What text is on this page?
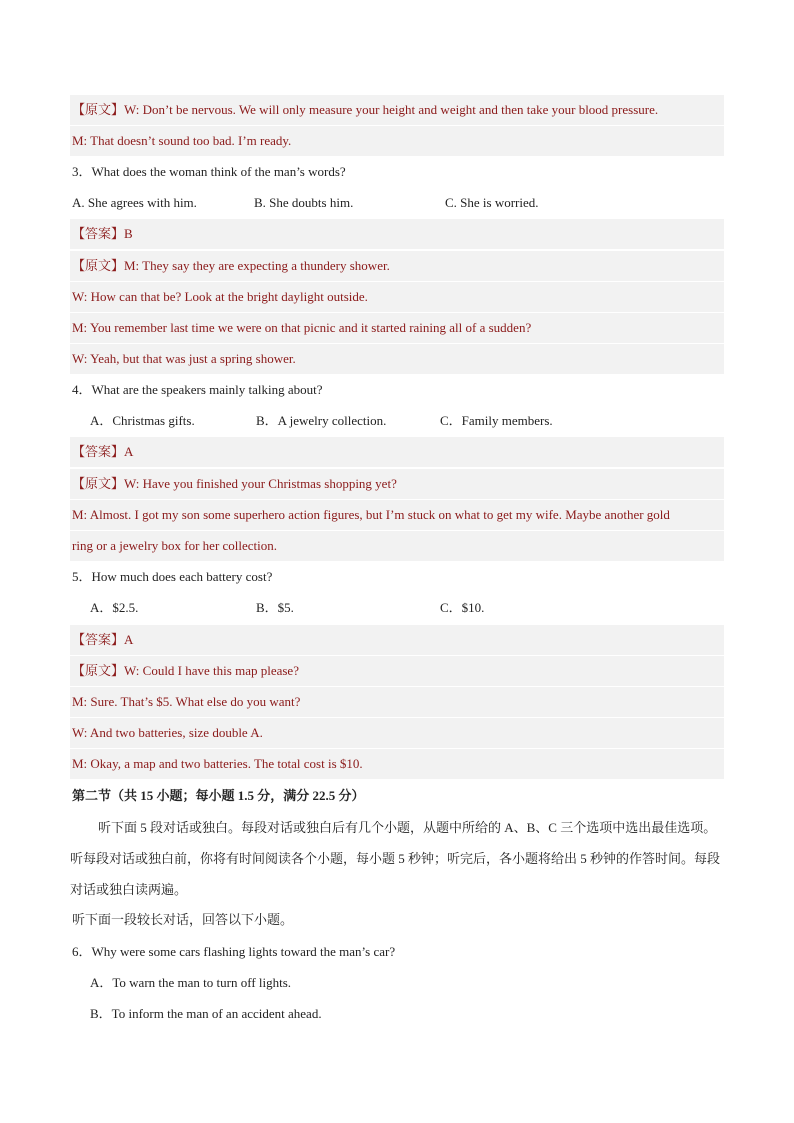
【原文】W: Don’t be nervous. We will only measure your height and weight and then take your blood pressure.
M: That doesn’t sound too bad. I’m ready.
3．What does the woman think of the man’s words?
A. She agrees with him.	B. She doubts him.	C. She is worried.
【答案】B
【原文】M: They say they are expecting a thundery shower.
W: How can that be? Look at the bright daylight outside.
M: You remember last time we were on that picnic and it started raining all of a sudden?
W: Yeah, but that was just a spring shower.
4．What are the speakers mainly talking about?
A．Christmas gifts.	B．A jewelry collection.	C．Family members.
【答案】A
【原文】W: Have you finished your Christmas shopping yet?
M: Almost. I got my son some superhero action figures, but I’m stuck on what to get my wife. Maybe another gold
ring or a jewelry box for her collection.
5．How much does each battery cost?
A．$2.5.	B．$5.	C．$10.
【答案】A
【原文】W: Could I have this map please?
M: Sure. That’s $5. What else do you want?
W: And two batteries, size double A.
M: Okay, a map and two batteries. The total cost is $10.
第二节（共 15 小题；每小题 1.5 分，满分 22.5 分）
听下面 5 段对话或独白。每段对话或独白后有几个小题，从题中所给的 A、B、C 三个选项中选出最佳选项。听每段对话或独白前，你将有时间阅读各个小题，每小题 5 秒钟；听完后，各小题将给出 5 秒钟的作答时间。每段对话或独白读两遍。
听下面一段较长对话，回答以下小题。
6．Why were some cars flashing lights toward the man’s car?
A．To warn the man to turn off lights.
B．To inform the man of an accident ahead.
